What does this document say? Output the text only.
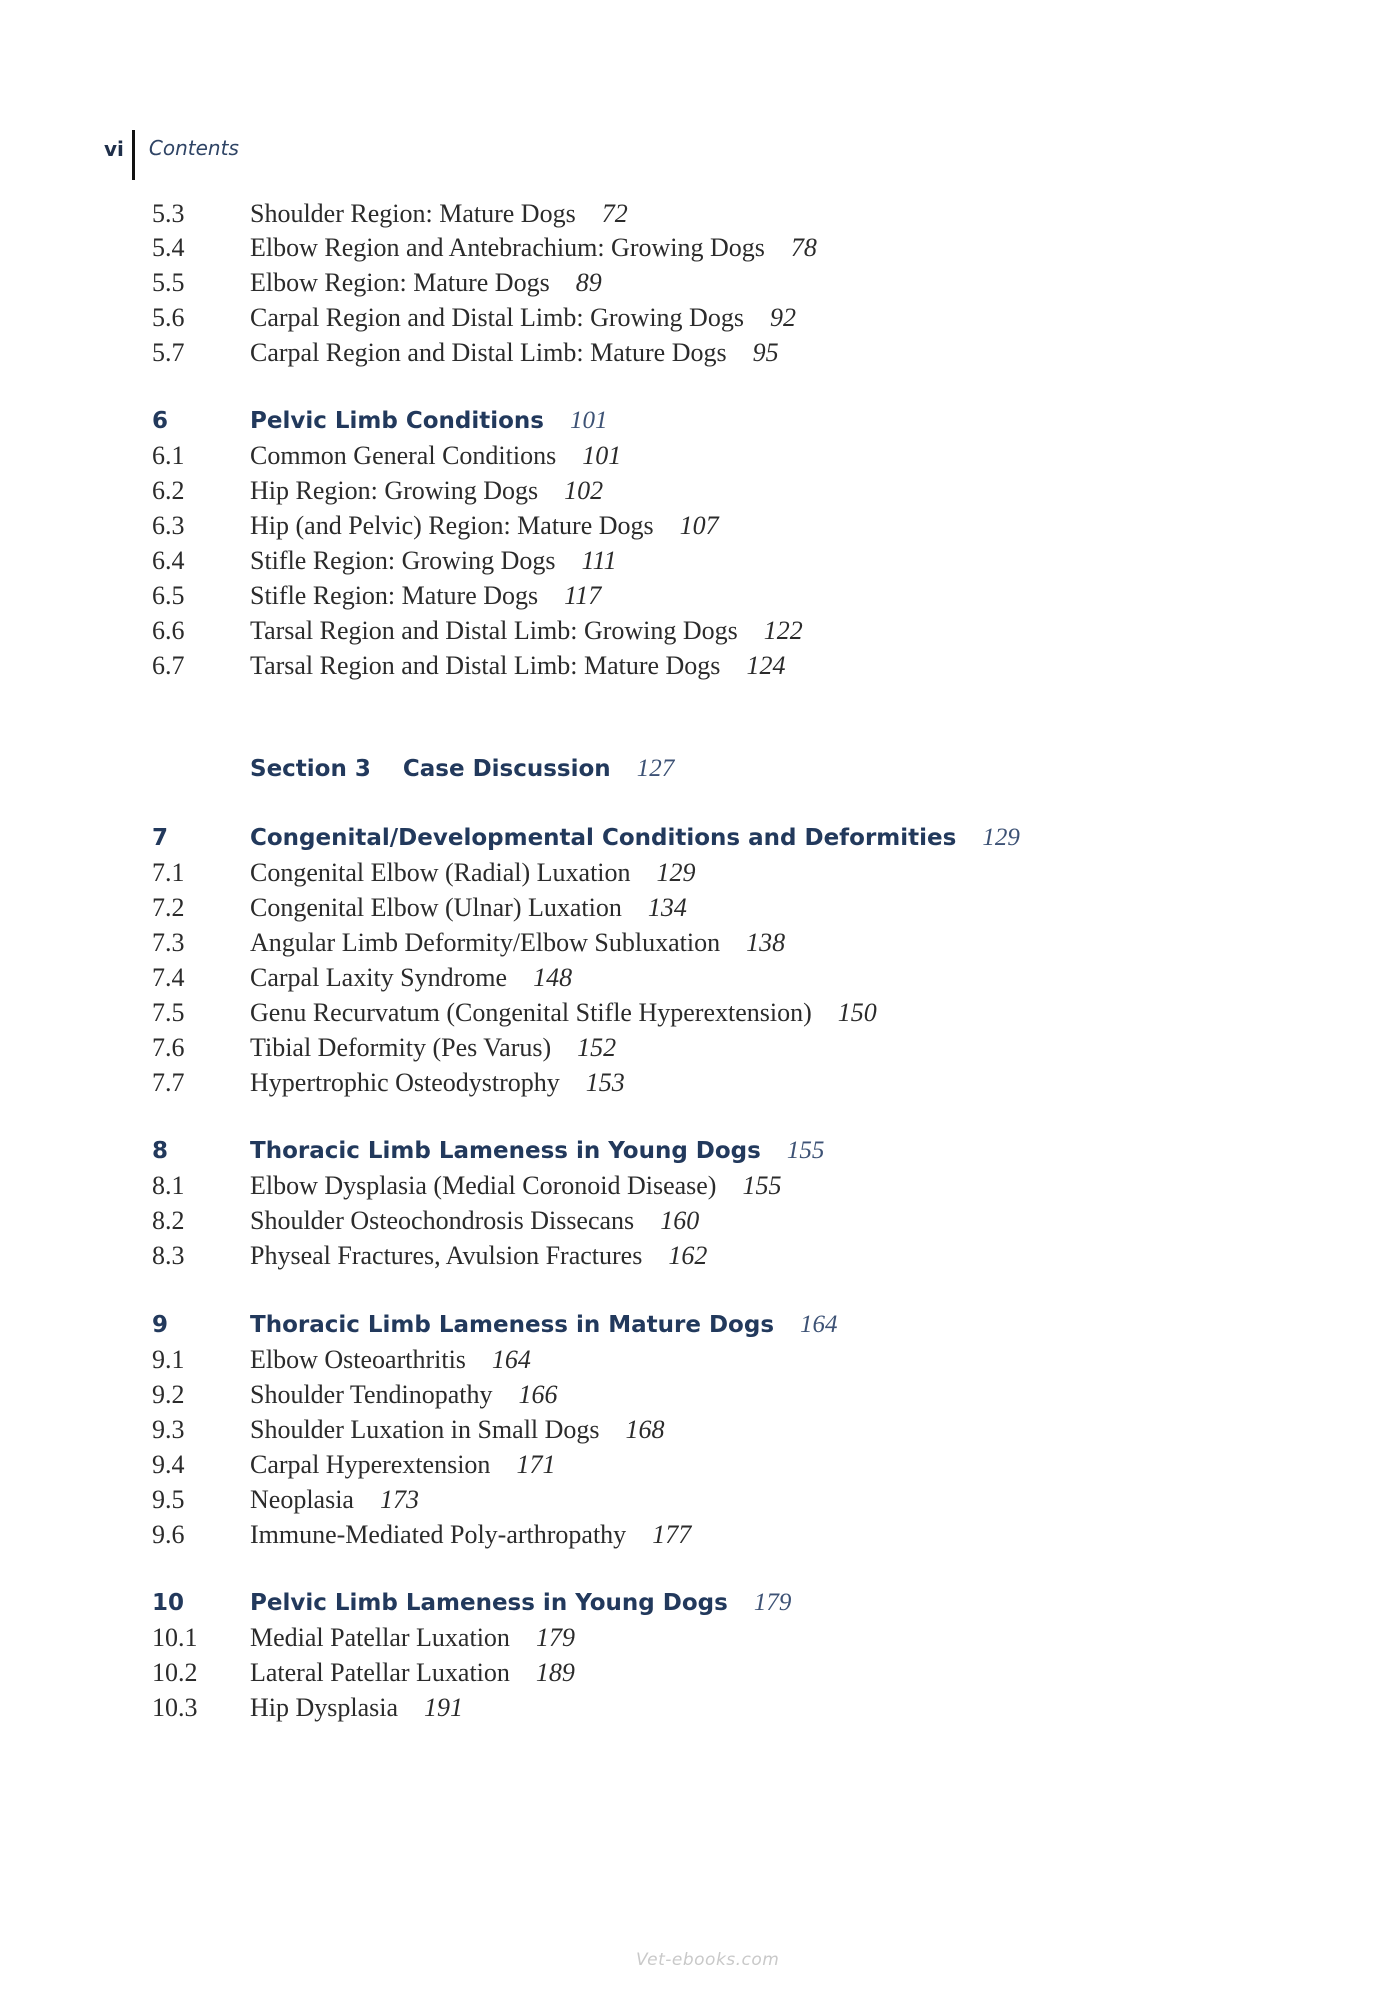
vi	Contents
5.3	Shoulder Region: Mature Dogs 72
5.4	Elbow Region and Antebrachium: Growing Dogs 78
5.5	Elbow Region: Mature Dogs 89
5.6	Carpal Region and Distal Limb: Growing Dogs 92
5.7	Carpal Region and Distal Limb: Mature Dogs 95
6	Pelvic Limb Conditions 101
6.1	Common General Conditions 101
6.2	Hip Region: Growing Dogs 102
6.3	Hip (and Pelvic) Region: Mature Dogs 107
6.4	Stifle Region: Growing Dogs 111
6.5	Stifle Region: Mature Dogs 117
6.6	Tarsal Region and Distal Limb: Growing Dogs 122
6.7	Tarsal Region and Distal Limb: Mature Dogs 124
Section 3 Case Discussion 127
7	Congenital/Developmental Conditions and Deformities 129
7.1	Congenital Elbow (Radial) Luxation 129
7.2	Congenital Elbow (Ulnar) Luxation 134
7.3	Angular Limb Deformity/Elbow Subluxation 138
7.4	Carpal Laxity Syndrome 148
7.5	Genu Recurvatum (Congenital Stifle Hyperextension) 150
7.6	Tibial Deformity (Pes Varus) 152
7.7	Hypertrophic Osteodystrophy 153
8	Thoracic Limb Lameness in Young Dogs 155
8.1	Elbow Dysplasia (Medial Coronoid Disease) 155
8.2	Shoulder Osteochondrosis Dissecans 160
8.3	Physeal Fractures, Avulsion Fractures 162
9	Thoracic Limb Lameness in Mature Dogs 164
9.1	Elbow Osteoarthritis 164
9.2	Shoulder Tendinopathy 166
9.3	Shoulder Luxation in Small Dogs 168
9.4	Carpal Hyperextension 171
9.5	Neoplasia 173
9.6	Immune-Mediated Poly-arthropathy 177
10	Pelvic Limb Lameness in Young Dogs 179
10.1 Medial Patellar Luxation 179
10.2 Lateral Patellar Luxation 189
10.3 Hip Dysplasia 191
Vet-ebooks.com
